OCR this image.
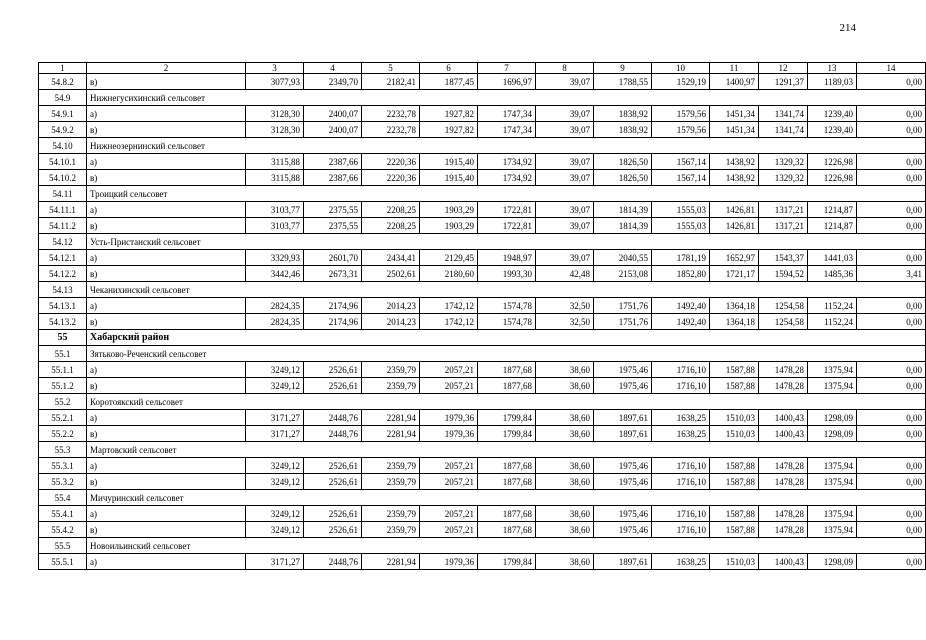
214
1	2	3	4	5	6	7	8	9	10	11	12	13	14
54.8.2	в)	3077,93	2349,70	2182,41	1877,45	1696,97	39,07	1788,55	1529,19	1400,97	1291,37	1189,03	0,00
54.9	Нижнегусихинский сельсовет												
54.9.1	а)	3128,30	2400,07	2232,78	1927,82	1747,34	39,07	1838,92	1579,56	1451,34	1341,74	1239,40	0,00
54.9.2	в)	3128,30	2400,07	2232,78	1927,82	1747,34	39,07	1838,92	1579,56	1451,34	1341,74	1239,40	0,00
54.10	Нижнеозернинский сельсовет												
54.10.1	а)	3115,88	2387,66	2220,36	1915,40	1734,92	39,07	1826,50	1567,14	1438,92	1329,32	1226,98	0,00
54.10.2	в)	3115,88	2387,66	2220,36	1915,40	1734,92	39,07	1826,50	1567,14	1438,92	1329,32	1226,98	0,00
54.11	Троицкий сельсовет												
54.11.1	а)	3103,77	2375,55	2208,25	1903,29	1722,81	39,07	1814,39	1555,03	1426,81	1317,21	1214,87	0,00
54.11.2	в)	3103,77	2375,55	2208,25	1903,29	1722,81	39,07	1814,39	1555,03	1426,81	1317,21	1214,87	0,00
54.12	Усть-Пристанский сельсовет												
54.12.1	а)	3329,93	2601,70	2434,41	2129,45	1948,97	39,07	2040,55	1781,19	1652,97	1543,37	1441,03	0,00
54.12.2	в)	3442,46	2673,31	2502,61	2180,60	1993,30	42,48	2153,08	1852,80	1721,17	1594,52	1485,36	3,41
54.13	Чеканихинский сельсовет												
54.13.1	а)	2824,35	2174,96	2014,23	1742,12	1574,78	32,50	1751,76	1492,40	1364,18	1254,58	1152,24	0,00
54.13.2	в)	2824,35	2174,96	2014,23	1742,12	1574,78	32,50	1751,76	1492,40	1364,18	1254,58	1152,24	0,00
55	Хабарский район												
55.1	Зятьково-Реченский сельсовет												
55.1.1	а)	3249,12	2526,61	2359,79	2057,21	1877,68	38,60	1975,46	1716,10	1587,88	1478,28	1375,94	0,00
55.1.2	в)	3249,12	2526,61	2359,79	2057,21	1877,68	38,60	1975,46	1716,10	1587,88	1478,28	1375,94	0,00
55.2	Коротоякский сельсовет												
55.2.1	а)	3171,27	2448,76	2281,94	1979,36	1799,84	38,60	1897,61	1638,25	1510,03	1400,43	1298,09	0,00
55.2.2	в)	3171,27	2448,76	2281,94	1979,36	1799,84	38,60	1897,61	1638,25	1510,03	1400,43	1298,09	0,00
55.3	Мартовский сельсовет												
55.3.1	а)	3249,12	2526,61	2359,79	2057,21	1877,68	38,60	1975,46	1716,10	1587,88	1478,28	1375,94	0,00
55.3.2	в)	3249,12	2526,61	2359,79	2057,21	1877,68	38,60	1975,46	1716,10	1587,88	1478,28	1375,94	0,00
55.4	Мичуринский сельсовет												
55.4.1	а)	3249,12	2526,61	2359,79	2057,21	1877,68	38,60	1975,46	1716,10	1587,88	1478,28	1375,94	0,00
55.4.2	в)	3249,12	2526,61	2359,79	2057,21	1877,68	38,60	1975,46	1716,10	1587,88	1478,28	1375,94	0,00
55.5	Новоильинский сельсовет												
55.5.1	а)	3171,27	2448,76	2281,94	1979,36	1799,84	38,60	1897,61	1638,25	1510,03	1400,43	1298,09	0,00
